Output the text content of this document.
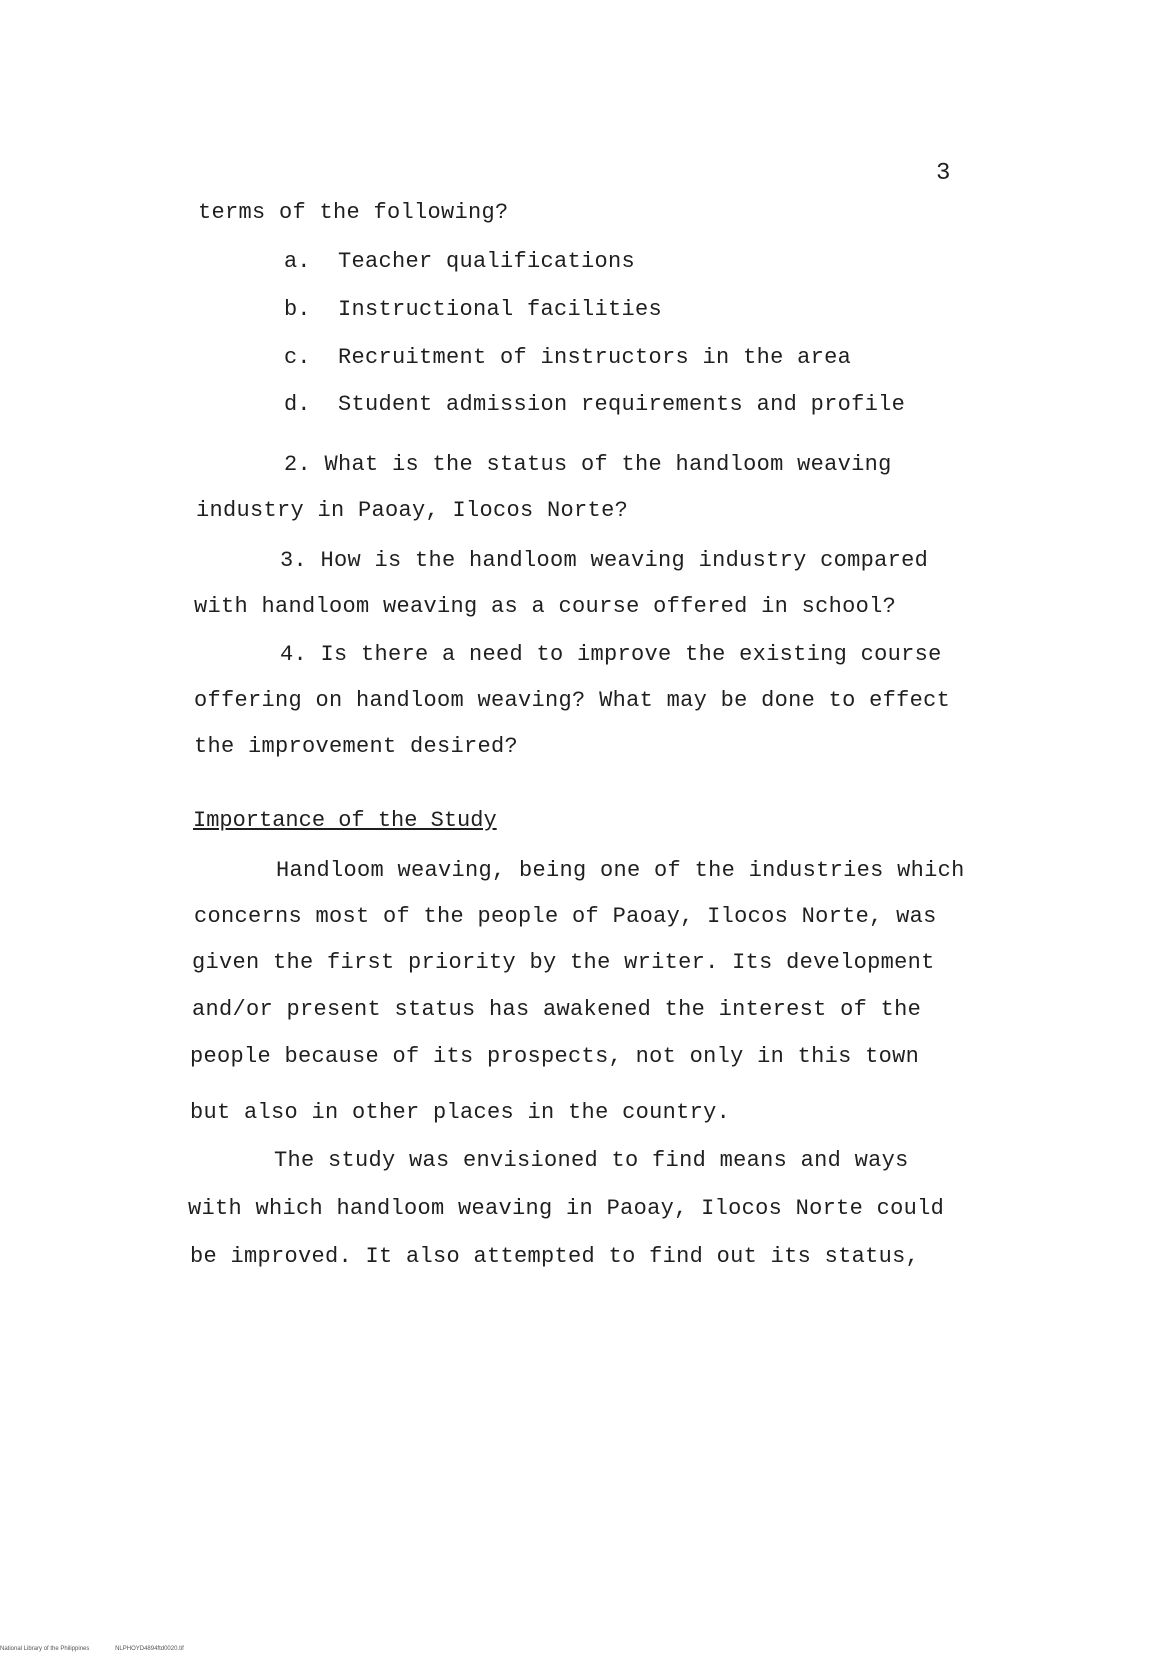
3
terms of the following?
a. Teacher qualifications
b. Instructional facilities
c. Recruitment of instructors in the area
d. Student admission requirements and profile
2. What is the status of the handloom weaving
industry in Paoay, Ilocos Norte?
3. How is the handloom weaving industry compared
with handloom weaving as a course offered in school?
4. Is there a need to improve the existing course
offering on handloom weaving? What may be done to effect
the improvement desired?
Importance of the Study
Handloom weaving, being one of the industries which
concerns most of the people of Paoay, Ilocos Norte, was
given the first priority by the writer. Its development
and/or present status has awakened the interest of the
people because of its prospects, not only in this town
but also in other places in the country.
The study was envisioned to find means and ways
with which handloom weaving in Paoay, Ilocos Norte could
be improved. It also attempted to find out its status,
National Library of the Philippines	NLPHOYD4894ftd0020.tif
